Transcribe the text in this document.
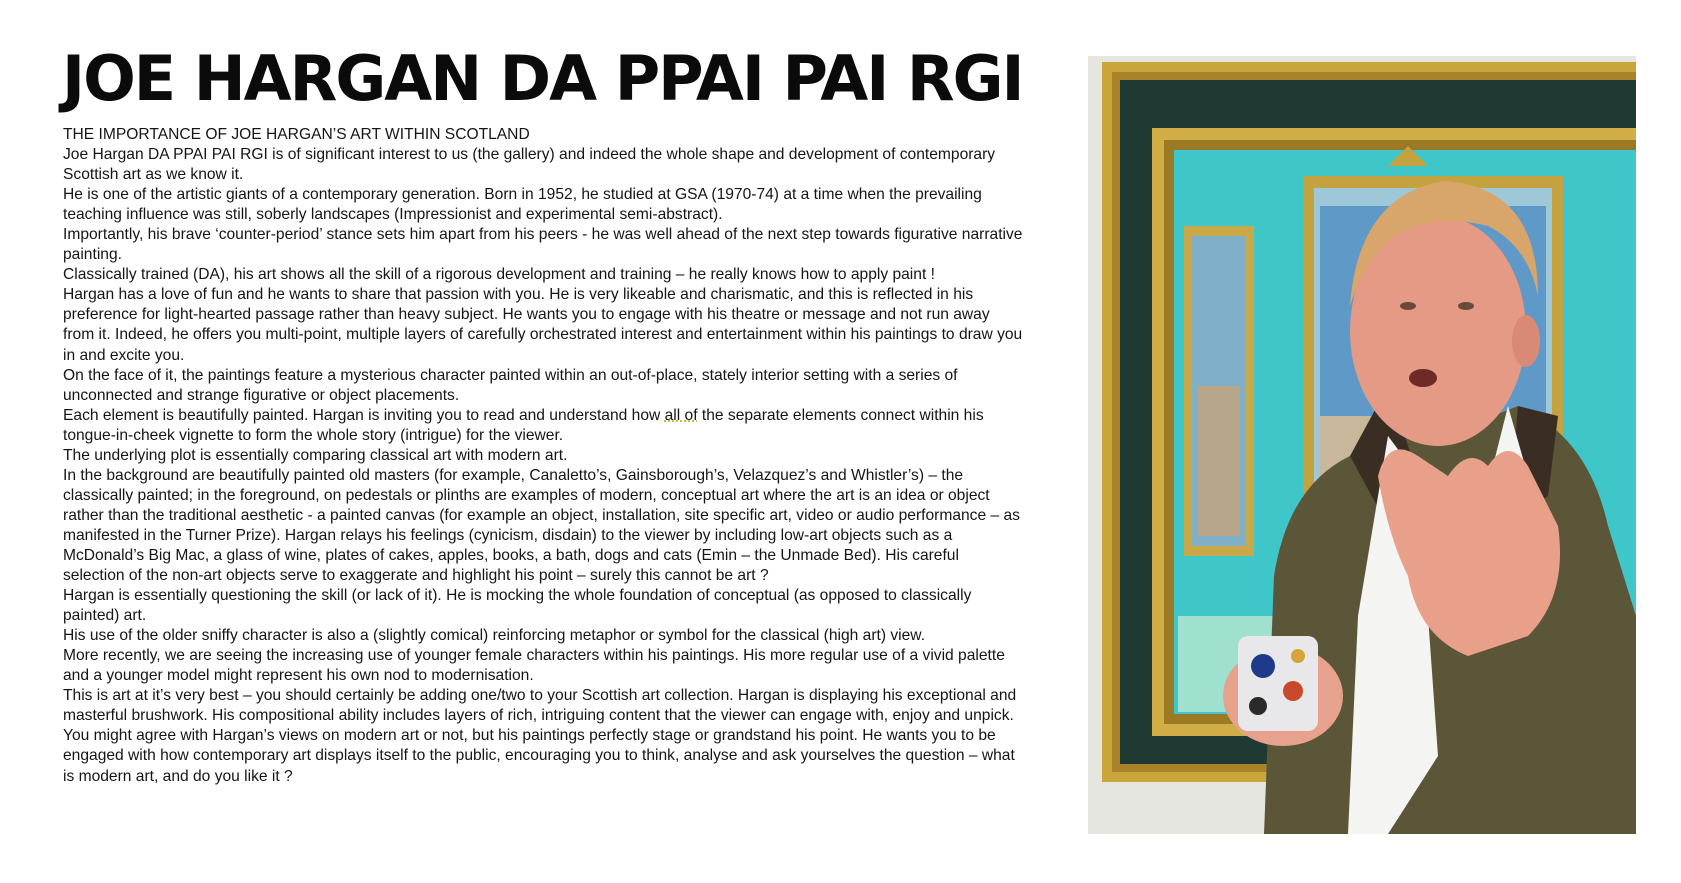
JOE HARGAN DA PPAI PAI RGI

THE IMPORTANCE OF JOE HARGAN’S ART WITHIN SCOTLAND

Joe Hargan DA PPAI PAI RGI is of significant interest to us (the gallery) and indeed the whole shape and development of contemporary Scottish art as we know it.

He is one of the artistic giants of a contemporary generation. Born in 1952, he studied at GSA (1970-74) at a time when the prevailing teaching influence was still, soberly landscapes (Impressionist and experimental semi-abstract).

Importantly, his brave ‘counter-period’ stance sets him apart from his peers - he was well ahead of the next step towards figurative narrative painting.

Classically trained (DA), his art shows all the skill of a rigorous development and training – he really knows how to apply paint !

Hargan has a love of fun and he wants to share that passion with you. He is very likeable and charismatic, and this is reflected in his preference for light-hearted passage rather than heavy subject. He wants you to engage with his theatre or message and not run away from it. Indeed, he offers you multi-point, multiple layers of carefully orchestrated interest and entertainment within his paintings to draw you in and excite you.

On the face of it, the paintings feature a mysterious character painted within an out-of-place, stately interior setting with a series of unconnected and strange figurative or object placements.

Each element is beautifully painted. Hargan is inviting you to read and understand how all of the separate elements connect within his tongue-in-cheek vignette to form the whole story (intrigue) for the viewer.

The underlying plot is essentially comparing classical art with modern art.

In the background are beautifully painted old masters (for example, Canaletto’s, Gainsborough’s, Velazquez’s and Whistler’s) – the classically painted; in the foreground, on pedestals or plinths are examples of modern, conceptual art where the art is an idea or object rather than the traditional aesthetic - a painted canvas (for example an object, installation, site specific art, video or audio performance – as manifested in the Turner Prize). Hargan relays his feelings (cynicism, disdain) to the viewer by including low-art objects such as a McDonald’s Big Mac, a glass of wine, plates of cakes, apples, books, a bath, dogs and cats (Emin – the Unmade Bed). His careful selection of the non-art objects serve to exaggerate and highlight his point – surely this cannot be art ?

Hargan is essentially questioning the skill (or lack of it). He is mocking the whole foundation of conceptual (as opposed to classically painted) art.

His use of the older sniffy character is also a (slightly comical) reinforcing metaphor or symbol for the classical (high art) view.

More recently, we are seeing the increasing use of younger female characters within his paintings. His more regular use of a vivid palette and a younger model might represent his own nod to modernisation.

This is art at it’s very best – you should certainly be adding one/two to your Scottish art collection. Hargan is displaying his exceptional and masterful brushwork. His compositional ability includes layers of rich, intriguing content that the viewer can engage with, enjoy and unpick.

You might agree with Hargan’s views on modern art or not, but his paintings perfectly stage or grandstand his point. He wants you to be engaged with how contemporary art displays itself to the public, encouraging you to think, analyse and ask yourselves the question – what is modern art, and do you like it ?
